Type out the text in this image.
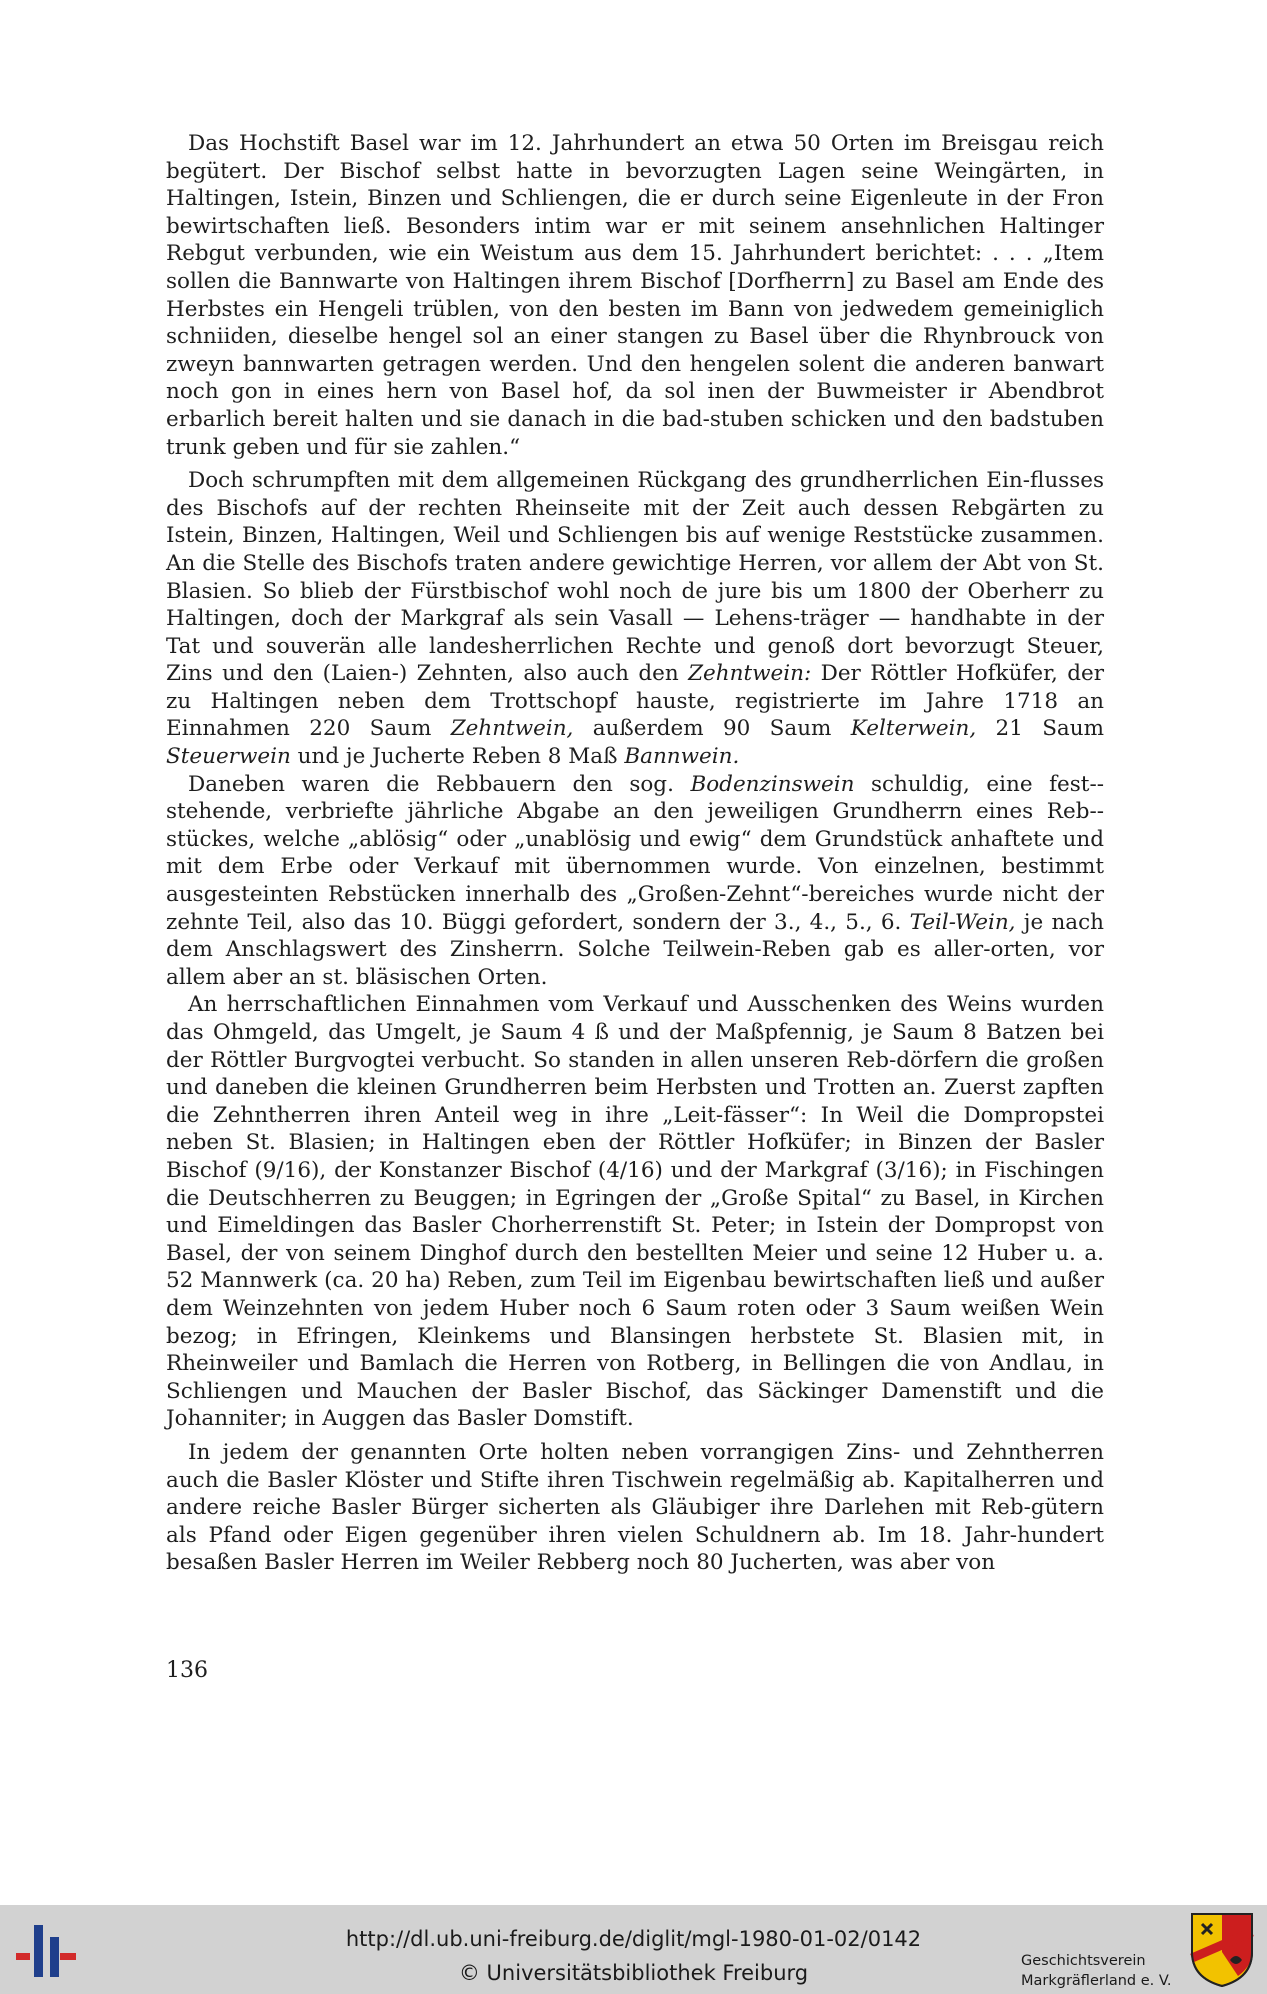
Das Hochstift Basel war im 12. Jahrhundert an etwa 50 Orten im Breisgau reich begütert. Der Bischof selbst hatte in bevorzugten Lagen seine Weingärten, in Haltingen, Istein, Binzen und Schliengen, die er durch seine Eigenleute in der Fron bewirtschaften ließ. Besonders intim war er mit seinem ansehnlichen Haltinger Rebgut verbunden, wie ein Weistum aus dem 15. Jahrhundert berichtet: . . . „Item sollen die Bannwarte von Haltingen ihrem Bischof [Dorfherrn] zu Basel am Ende des Herbstes ein Hengeli trüblen, von den besten im Bann von jedwedem gemeiniglich schniiden, dieselbe hengel sol an einer stangen zu Basel über die Rhynbrouck von zweyn bannwarten getragen werden. Und den hengelen solent die anderen banwart noch gon in eines hern von Basel hof, da sol inen der Buwmeister ir Abendbrot erbarlich bereit halten und sie danach in die bad-stuben schicken und den badstuben trunk geben und für sie zahlen.“

Doch schrumpften mit dem allgemeinen Rückgang des grundherrlichen Ein-flusses des Bischofs auf der rechten Rheinseite mit der Zeit auch dessen Rebgärten zu Istein, Binzen, Haltingen, Weil und Schliengen bis auf wenige Reststücke zusammen. An die Stelle des Bischofs traten andere gewichtige Herren, vor allem der Abt von St. Blasien. So blieb der Fürstbischof wohl noch de jure bis um 1800 der Oberherr zu Haltingen, doch der Markgraf als sein Vasall — Lehens-träger — handhabte in der Tat und souverän alle landesherrlichen Rechte und genoß dort bevorzugt Steuer, Zins und den (Laien-) Zehnten, also auch den Zehntwein: Der Röttler Hofküfer, der zu Haltingen neben dem Trottschopf hauste, registrierte im Jahre 1718 an Einnahmen 220 Saum Zehntwein, außerdem 90 Saum Kelterwein, 21 Saum Steuerwein und je Jucherte Reben 8 Maß Bannwein.

Daneben waren die Rebbauern den sog. Bodenzinswein schuldig, eine fest-stehende, verbriefte jährliche Abgabe an den jeweiligen Grundherrn eines Reb-stückes, welche „ablösig“ oder „unablösig und ewig“ dem Grundstück anhaftete und mit dem Erbe oder Verkauf mit übernommen wurde. Von einzelnen, bestimmt ausgesteinten Rebstücken innerhalb des „Großen-Zehnt“-bereiches wurde nicht der zehnte Teil, also das 10. Büggi gefordert, sondern der 3., 4., 5., 6. Teil-Wein, je nach dem Anschlagswert des Zinsherrn. Solche Teilwein-Reben gab es aller-orten, vor allem aber an st. bläsischen Orten.

An herrschaftlichen Einnahmen vom Verkauf und Ausschenken des Weins wurden das Ohmgeld, das Umgelt, je Saum 4 ß und der Maßpfennig, je Saum 8 Batzen bei der Röttler Burgvogtei verbucht. So standen in allen unseren Reb-dörfern die großen und daneben die kleinen Grundherren beim Herbsten und Trotten an. Zuerst zapften die Zehntherren ihren Anteil weg in ihre „Leit-fässer“: In Weil die Dompropstei neben St. Blasien; in Haltingen eben der Röttler Hofküfer; in Binzen der Basler Bischof (9/16), der Konstanzer Bischof (4/16) und der Markgraf (3/16); in Fischingen die Deutschherren zu Beuggen; in Egringen der „Große Spital“ zu Basel, in Kirchen und Eimeldingen das Basler Chorherrenstift St. Peter; in Istein der Dompropst von Basel, der von seinem Dinghof durch den bestellten Meier und seine 12 Huber u. a. 52 Mannwerk (ca. 20 ha) Reben, zum Teil im Eigenbau bewirtschaften ließ und außer dem Weinzehnten von jedem Huber noch 6 Saum roten oder 3 Saum weißen Wein bezog; in Efringen, Kleinkems und Blansingen herbstete St. Blasien mit, in Rheinweiler und Bamlach die Herren von Rotberg, in Bellingen die von Andlau, in Schliengen und Mauchen der Basler Bischof, das Säckinger Damenstift und die Johanniter; in Auggen das Basler Domstift.

In jedem der genannten Orte holten neben vorrangigen Zins- und Zehntherren auch die Basler Klöster und Stifte ihren Tischwein regelmäßig ab. Kapitalherren und andere reiche Basler Bürger sicherten als Gläubiger ihre Darlehen mit Reb-gütern als Pfand oder Eigen gegenüber ihren vielen Schuldnern ab. Im 18. Jahr-hundert besaßen Basler Herren im Weiler Rebberg noch 80 Jucherten, was aber von

136
http://dl.ub.uni-freiburg.de/diglit/mgl-1980-01-02/0142
© Universitätsbibliothek Freiburg	Geschichtsverein
Markgräflerland e. V.
